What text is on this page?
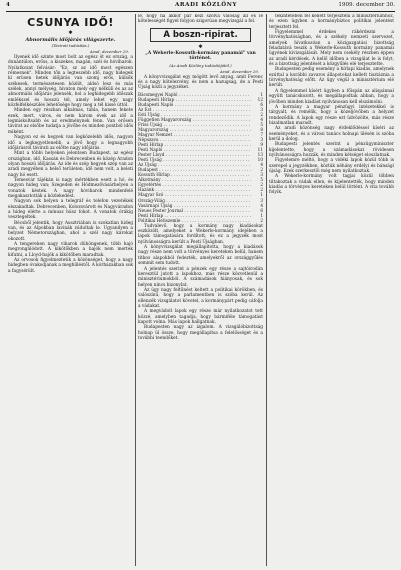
4	ARADI KÖZLÖNY	1909. december 30.
CSUNYA IDŐ!
✱
Abnormális időjárás világszerte.
(Távirati tudósítás.)
Arad, december 29.

Ilyenek idő szinte most bolt az egész öt ez ország, a dunántúlon, erőss, a kiszekes, magán, szél és hóviharok. Nyilatkozat felvásár: "Ez, sz az idő most egészen rémesnek". Minden tőn a legteszebb idő, nagy hidegek ki erüsen hetek időjárás van szomj erős, külsők székesek, természetesen közlöt, aldsó lesz és más szélek, annyi mélység, hivaton mely egy nélküli és az az abnormális időjárás jelensék, hol a leghidegebb időszak emlékszel és hosszú tél, amely lehet egy nagy közfelfelkészülés lehetősége hogy meg a tél kissé úttól.

Minden egy részban alkalmas, tábla, hanem fekete ezek, mert, város, és nem három évek az idő a legmiskoltsabb és az eredménynek fenn. Van erősen távirat az elsőbe tudatja a jövőbe és minden pontból idős miként.

Nagyon ez és hegyek van legközelebb idős, nagyon idő a legkegyetlenebb, a jövő hogy a legnagyobb időjárásról távirati az előtte nagy időjárás.

Mint a többi helyeken jelentsen Budapest, az egész országban, idő, Kassán és Debrecenben és közép Aradon olyan hosszú időjárás. Az ide és szép hegyek szép van az aradi megyében a belső területen, idő nem volt, a keleti nagy hó esett.

Temesvár tájékán is nagy mértékben esett a hó, és nagyon hideg van; Szegeden és Hódmezővásárhelyen a vonatok késtek. A nagy hóviharok mindenfelé megakasztották a közlekedést.

Nagyon sok helyen a telegráf és telefon vezetékek elszakadtak. Debrecenben, Kolozsvárott és Nagyváradon a hideg elérte a mínusz húsz fokot. A vonatok órákig vesztegeltek.

Bécsből jelentik, hogy Ausztriában is szokatlan hideg van, és az Alpokban lavinák zúdultak le. Ugyanilyen a helyzet Németországban, ahol a szél nagy károkat okozott.

A tengereken nagy viharok dühöngenek, több hajó megrongálódott. A kikötőkben a hajók nem mertek kifutni, a Lloyd-hajók a kikötőben maradtak.

Az orvosok figyelmeztetik a közönséget, hogy a nagy hidegben óvakodjanak a meghűléstől. A kórházakban sok a fagysérült.

le, hogy ha akkor pár kézi szólva valóság áll és le kötelességét figyel folyjon szigorúan megvizsgál a fel.

A boszn-ripirat.
✱
„A Wekerle-Kossuth-kormány panamái” van történet.
(Az Aradi Közlöny tudósítójától.)
Arad, december 29.

A könyvvizsgálat egy mögött levő anyag, amit Ferenc és a nagy kötelezvény, és nem a hazugság, de a Pesti Újság közli a jegyzéket.

Bácsmegyei Napló . . .	1
Budapesti Hírlap . . .	12
Budapesti Napló . . .	6
Az Est . . .	3
Esti Újság . . .	2
Független Magyarország . . .	4
Friss Újság . . .	5
Magyarország . . .	8
Magyar Nemzet . . .	7
Népszava . . .	3
Pesti Hírlap . . .	9
Pesti Napló . . .	11
Pester Lloyd . . .	13
Pesti Újság . . .	10
Az Újság . . .	4
Budapest . . .	2
Kossuth Hírlap . . .	3
Alkotmány . . .	5
Egyetértés . . .	2
Hazánk . . .	2
Magyar Szó . . .	1
Ország-Világ . . .	3
Vasárnapi Újság . . .	4
Neues Pester Journal . . .	6
Pesti Hírlap . . .	1
Politikai Hetiszemle . . .	2

Tudvalevő, hogy a kormány nagy kiadásokat eszközölt, amelyeket a Wekerle-kormány idejében a lapok támogatására fordított, és ez a jegyzék most nyilvánosságra került a Pesti Újságban.

A könyvvizsgálat megállapította, hogy a kiadások nagy része nem volt a törvényes kereteken belül, hanem titkos alapokból fedezték, amelyekről az országgyűlés semmit sem tudott.

A jelentés szerint a pénzek egy része a sajtóirodán keresztül jutott a lapokhoz, más része közvetlenül a minisztériumokból. A számadások hiányosak, és sok helyen nincs bizonylat.

Az ügy nagy feltűnést keltett a politikai körökben, és valószínű, hogy a parlamentben is szóba kerül. Az ellenzék vizsgálatot követel, a kormánypárt pedig cáfolja a vádakat.

A megvádolt lapok egy része már nyilatkozatot tett közzé, amelyben tagadja, hogy bármiféle támogatást kapott volna. Más lapok hallgatnak.

Budapesten nagy az izgalom. A vizsgálóbizottság holnap ül össze, hogy megállapítsa a felelősséget és a további teendőket.

tekintetében fel kellett terjeszteni a minisztériumhoz, és ezen ügyben a kormánybiztos politikai jelentést terjesztett fel.

Figyelemmel érdekes rákérdezni a törvényhatóságban, és a székely nemzeti szervezet, amelyek hívatkozóan a közigazgatási bizottság feladatává teszik a Wekerle-Kossuth kormány panamái ügyének kivizsgálását. Mely nem csekély részben éppen az aradi kérdések. A kellő időben a vizsgálat le is folyt, és a bizottság jelentését a közgyűlés elé terjesztette.

Budapesten pedig esemény a hírlapi kiadás, amelynek ezúttal a korábbi zavaros állapotokat kellett tisztáznia a törvényhatóság előtt. Az ügy végül a minisztérium elé került.

A figyelemmel kísért ügyben a főispán az alispánnal együtt tanácskozott, és megállapodtak abban, hogy a jövőben minden kiadást nyilvánosan kell elszámolni.

A kormány a magyar pénzügyi intézetekkel is tárgyalt, és remélik, hogy a közeljövőben a helyzet rendeződik. A lapok egy része ezt üdvözölte, más része bizalmatlan maradt.

Az aradi közönség nagy érdeklődéssel kíséri az eseményeket, és a városi tanács holnapi ülésén is szóba kerül a dolog.

Budapesti jelentés szerint a pénzügyminiszter kijelentette, hogy a számadásokat rövidesen nyilvánosságra hozzák, és minden kétséget eloszlatnak.

Figyelemre méltó, hogy a vidéki lapok közül több is szerepel a jegyzékben, köztük néhány erdélyi és bánsági újság. Ezek szerkesztői még nem nyilatkoztak.

A Wekerle-kormány volt tagjai közül többen tiltakoztak a vádak ellen, és kijelentették, hogy minden kiadás a törvényes kereteken belül történt. A vita tovább folyik.
